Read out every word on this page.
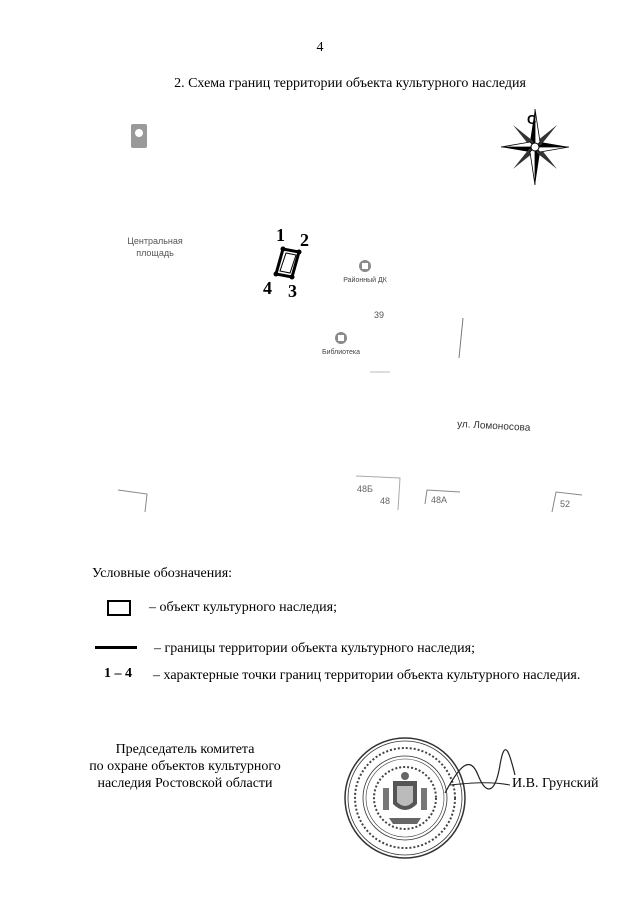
4
2. Схема границ территории объекта культурного наследия
С
Центральная
площадь
1 2
3
4	Районный ДК
39
Библиотека
ул. Ломоносова
48Б
48	48А	52
Условные обозначения:
– объект культурного наследия;
– границы территории объекта культурного наследия;
1 – 4 – характерные точки границ территории объекта культурного наследия.
Председатель комитета
по охране объектов культурного
наследия Ростовской области	И.В. Грунский
